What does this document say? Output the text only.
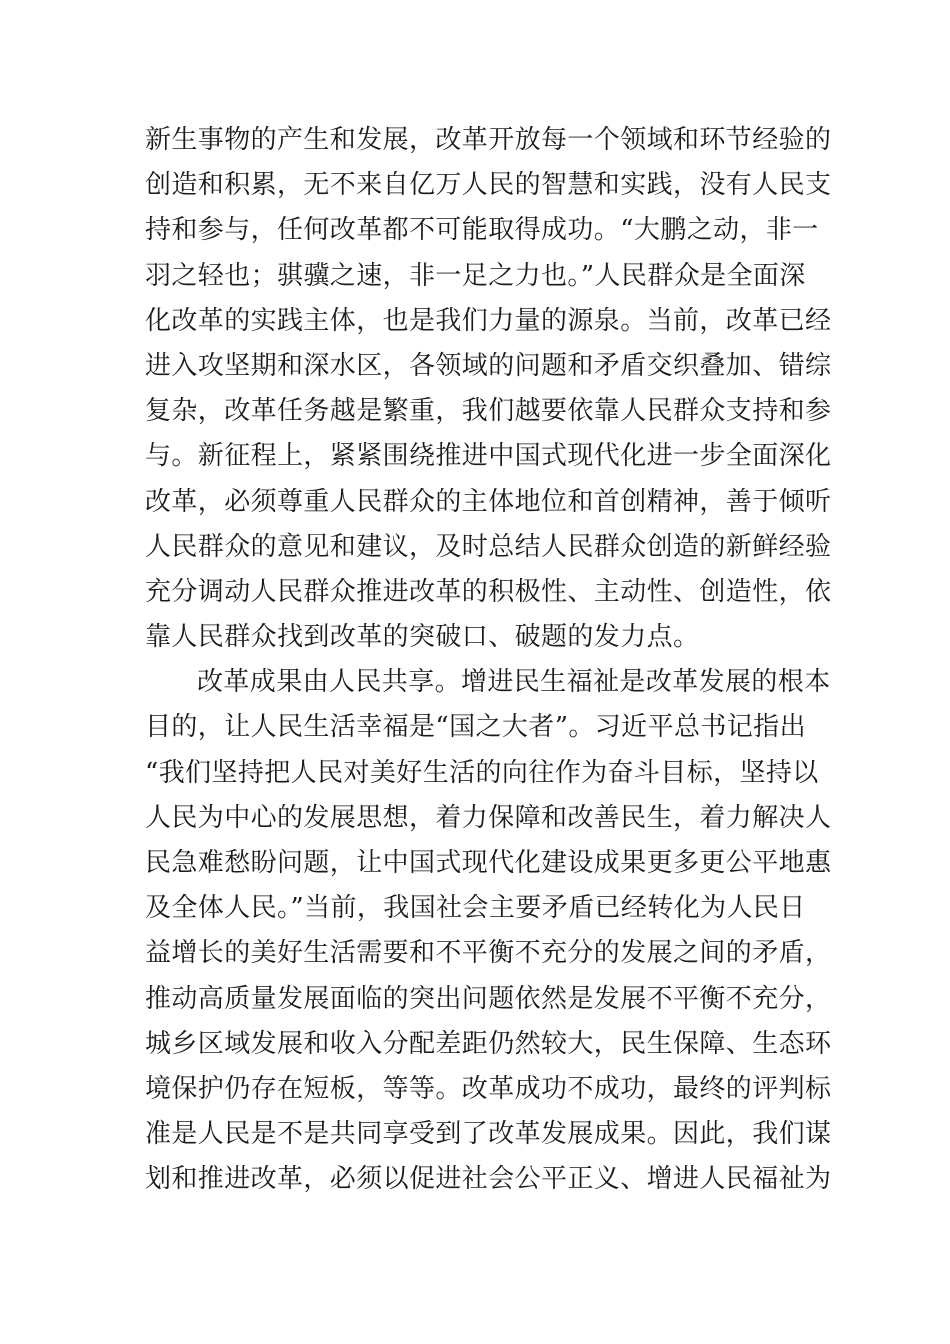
新生事物的产生和发展，改革开放每一个领域和环节经验的
创造和积累，无不来自亿万人民的智慧和实践，没有人民支
持和参与，任何改革都不可能取得成功。“大鹏之动，非一
羽之轻也；骐骥之速，非一足之力也。”人民群众是全面深
化改革的实践主体，也是我们力量的源泉。当前，改革已经
进入攻坚期和深水区，各领域的问题和矛盾交织叠加、错综
复杂，改革任务越是繁重，我们越要依靠人民群众支持和参
与。新征程上，紧紧围绕推进中国式现代化进一步全面深化
改革，必须尊重人民群众的主体地位和首创精神，善于倾听
人民群众的意见和建议，及时总结人民群众创造的新鲜经验
充分调动人民群众推进改革的积极性、主动性、创造性，依
靠人民群众找到改革的突破口、破题的发力点。
改革成果由人民共享。增进民生福祉是改革发展的根本
目的，让人民生活幸福是“国之大者”。习近平总书记指出
“我们坚持把人民对美好生活的向往作为奋斗目标，坚持以
人民为中心的发展思想，着力保障和改善民生，着力解决人
民急难愁盼问题，让中国式现代化建设成果更多更公平地惠
及全体人民。”当前，我国社会主要矛盾已经转化为人民日
益增长的美好生活需要和不平衡不充分的发展之间的矛盾，
推动高质量发展面临的突出问题依然是发展不平衡不充分，
城乡区域发展和收入分配差距仍然较大，民生保障、生态环
境保护仍存在短板，等等。改革成功不成功，最终的评判标
准是人民是不是共同享受到了改革发展成果。因此，我们谋
划和推进改革，必须以促进社会公平正义、增进人民福祉为
